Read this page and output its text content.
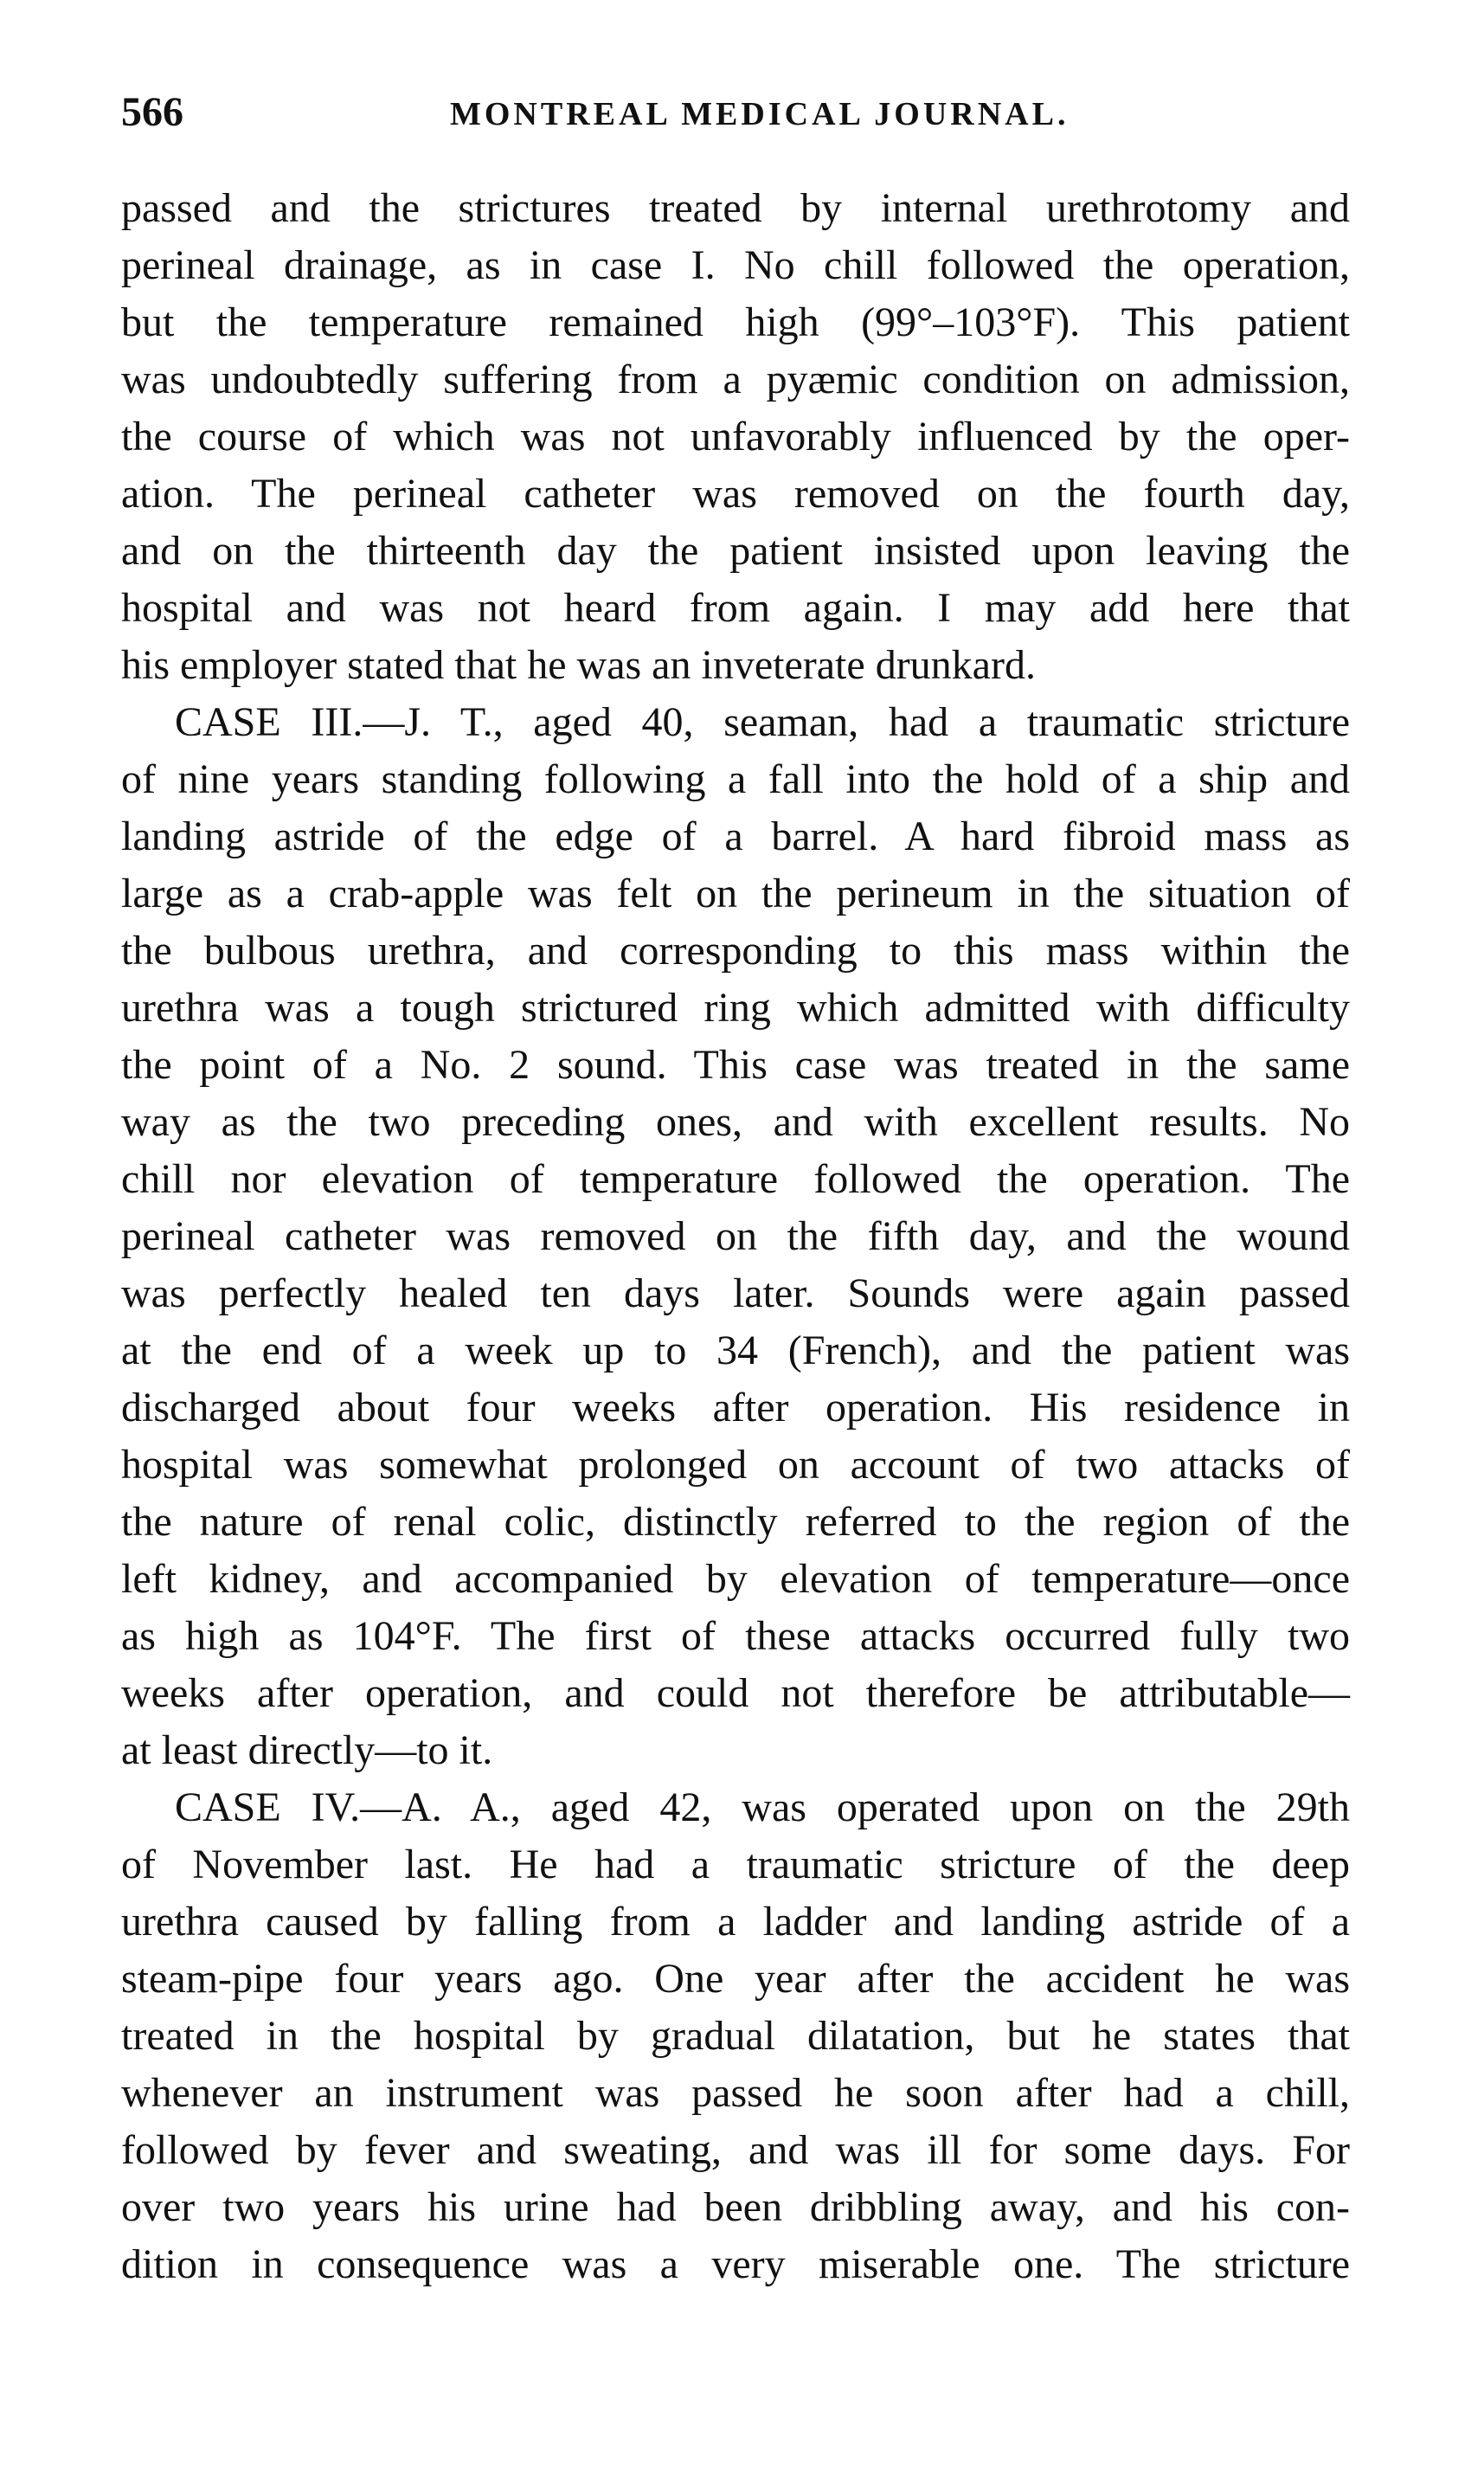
566	MONTREAL MEDICAL JOURNAL.
passed and the strictures treated by internal urethrotomy and
perineal drainage, as in case I. No chill followed the operation,
but the temperature remained high (99°–103°F). This patient
was undoubtedly suffering from a pyæmic condition on admission,
the course of which was not unfavorably influenced by the oper-
ation. The perineal catheter was removed on the fourth day,
and on the thirteenth day the patient insisted upon leaving the
hospital and was not heard from again. I may add here that
his employer stated that he was an inveterate drunkard.
CASE III.—J. T., aged 40, seaman, had a traumatic stricture
of nine years standing following a fall into the hold of a ship and
landing astride of the edge of a barrel. A hard fibroid mass as
large as a crab-apple was felt on the perineum in the situation of
the bulbous urethra, and corresponding to this mass within the
urethra was a tough strictured ring which admitted with difficulty
the point of a No. 2 sound. This case was treated in the same
way as the two preceding ones, and with excellent results. No
chill nor elevation of temperature followed the operation. The
perineal catheter was removed on the fifth day, and the wound
was perfectly healed ten days later. Sounds were again passed
at the end of a week up to 34 (French), and the patient was
discharged about four weeks after operation. His residence in
hospital was somewhat prolonged on account of two attacks of
the nature of renal colic, distinctly referred to the region of the
left kidney, and accompanied by elevation of temperature—once
as high as 104°F. The first of these attacks occurred fully two
weeks after operation, and could not therefore be attributable—
at least directly—to it.
CASE IV.—A. A., aged 42, was operated upon on the 29th
of November last. He had a traumatic stricture of the deep
urethra caused by falling from a ladder and landing astride of a
steam-pipe four years ago. One year after the accident he was
treated in the hospital by gradual dilatation, but he states that
whenever an instrument was passed he soon after had a chill,
followed by fever and sweating, and was ill for some days. For
over two years his urine had been dribbling away, and his con-
dition in consequence was a very miserable one. The stricture
